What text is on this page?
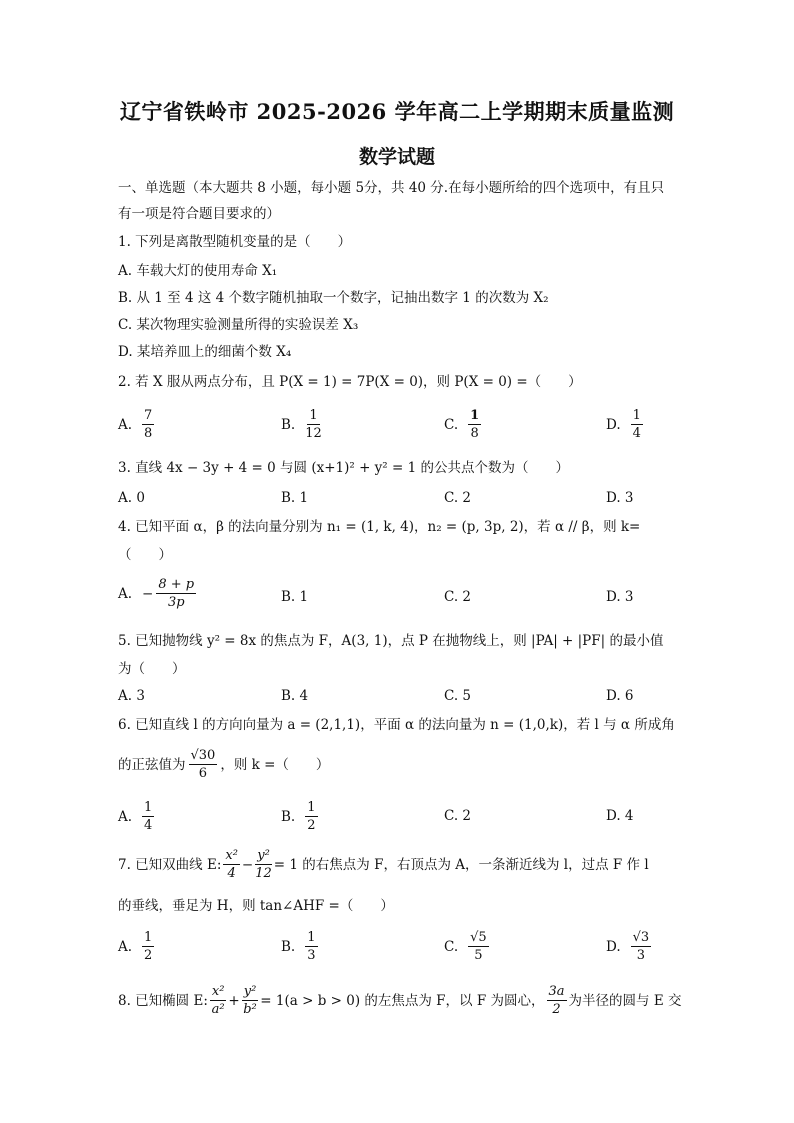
辽宁省铁岭市 2025-2026 学年高二上学期期末质量监测
数学试题
一、单选题（本大题共 8 小题，每小题 5分，共 40 分.在每小题所给的四个选项中，有且只
有一项是符合题目要求的）
1. 下列是离散型随机变量的是（　　）
A. 车载大灯的使用寿命 X₁
B. 从 1 至 4 这 4 个数字随机抽取一个数字，记抽出数字 1 的次数为 X₂
C. 某次物理实验测量所得的实验误差 X₃
D. 某培养皿上的细菌个数 X₄
2. 若 X 服从两点分布，且 P(X = 1) = 7P(X = 0)，则 P(X = 0) =（　　）
A. $\frac{7}{8}$	B. $\frac{1}{12}$	C. $\frac{1}{8}$	D. $\frac{1}{4}$
3. 直线 4x − 3y + 4 = 0 与圆 (x+1)² + y² = 1 的公共点个数为（　　）
A. 0	B. 1	C. 2	D. 3
4. 已知平面 α，β 的法向量分别为 n₁ = (1, k, 4)，n₂ = (p, 3p, 2)，若 α // β，则 k=
（　　）
A. − $\frac{8 + p}{3p}$	B. 1	C. 2	D. 3
5. 已知抛物线 y² = 8x 的焦点为 F，A(3, 1)，点 P 在抛物线上，则 |PA| + |PF| 的最小值
为（　　）
A. 3	B. 4	C. 5	D. 6
6. 已知直线 l 的方向向量为 a = (2,1,1)，平面 α 的法向量为 n = (1,0,k)，若 l 与 α 所成角
的正弦值为 $\frac{√30}{6}$ ，则 k =（　　）
A. $\frac{1}{4}$	B. $\frac{1}{2}$	C. 2	D. 4
7. 已知双曲线 E: $\frac{\text{x²}}{4} - \frac{\text{y²}}{12} = 1$ 的右焦点为 F，右顶点为 A，一条渐近线为 l，过点 F 作 l
的垂线，垂足为 H，则 tan∠AHF =（　　）
A. $\frac{1}{2}$	B. $\frac{1}{3}$	C. $\frac{√5}{5}$	D. $\frac{√3}{3}$
8. 已知椭圆 E: $\frac{\text{x²}}{\text{a²}} + \frac{\text{y²}}{\text{b²}} = 1(a > b > 0)$ 的左焦点为 F，以 F 为圆心， $\frac{3a}{2}$ 为半径的圆与 E 交
